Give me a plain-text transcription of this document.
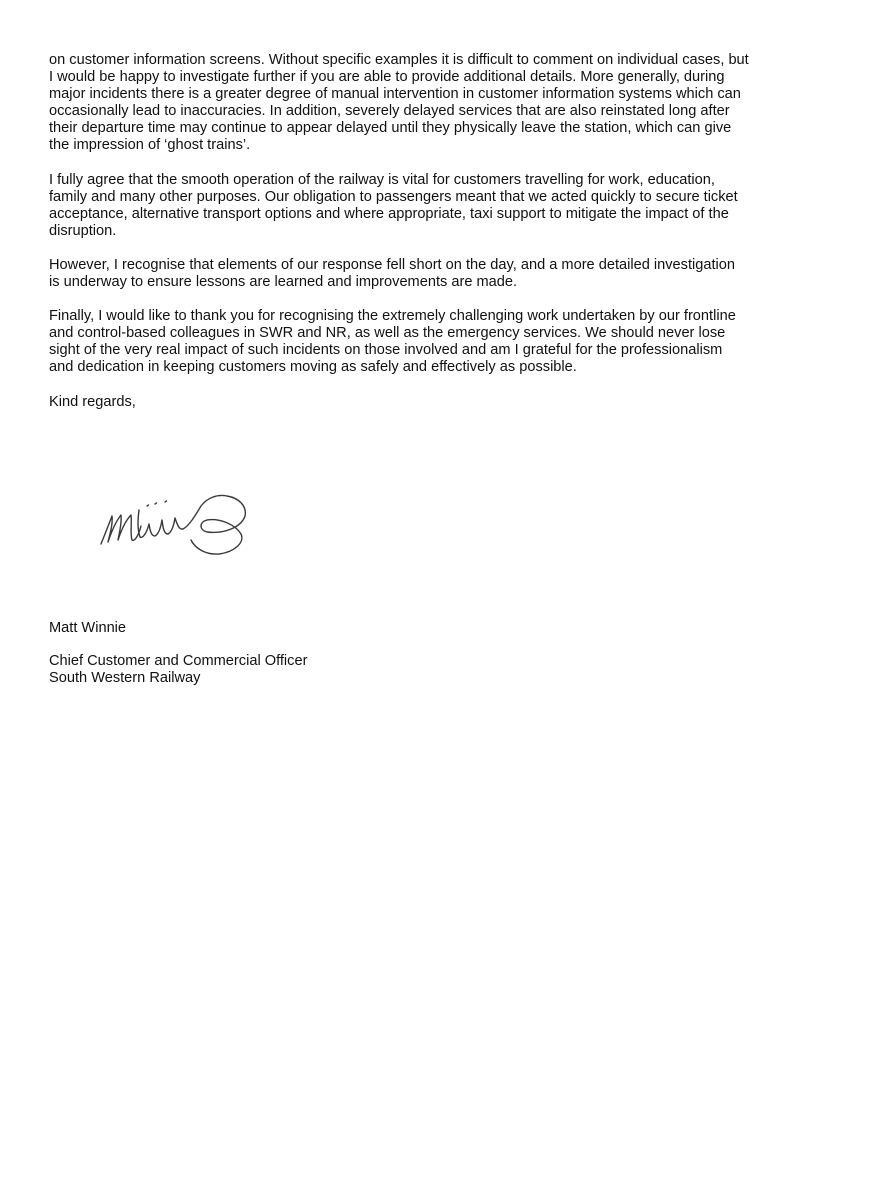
on customer information screens. Without specific examples it is difficult to comment on individual cases, but I would be happy to investigate further if you are able to provide additional details. More generally, during major incidents there is a greater degree of manual intervention in customer information systems which can occasionally lead to inaccuracies. In addition, severely delayed services that are also reinstated long after their departure time may continue to appear delayed until they physically leave the station, which can give the impression of ‘ghost trains’.

I fully agree that the smooth operation of the railway is vital for customers travelling for work, education, family and many other purposes. Our obligation to passengers meant that we acted quickly to secure ticket acceptance, alternative transport options and where appropriate, taxi support to mitigate the impact of the disruption.

However, I recognise that elements of our response fell short on the day, and a more detailed investigation is underway to ensure lessons are learned and improvements are made.

Finally, I would like to thank you for recognising the extremely challenging work undertaken by our frontline and control-based colleagues in SWR and NR, as well as the emergency services. We should never lose sight of the very real impact of such incidents on those involved and am I grateful for the professionalism and dedication in keeping customers moving as safely and effectively as possible.

Kind regards,

Matt Winnie

Chief Customer and Commercial Officer

South Western Railway
